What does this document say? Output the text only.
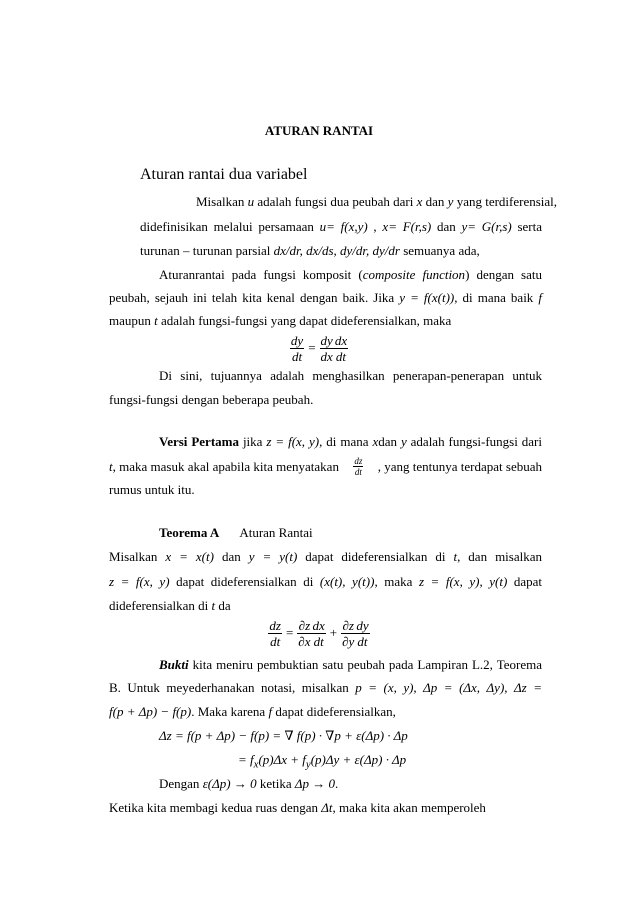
ATURAN RANTAI
Aturan rantai dua variabel
Misalkan u adalah fungsi dua peubah dari x dan y yang terdiferensial,
didefinisikan melalui persamaan u= f(x,y) , x= F(r,s) dan y= G(r,s) serta
turunan – turunan parsial dx/dr, dx/ds, dy/dr, dy/dr semuanya ada,
Aturanrantai pada fungsi komposit (composite function) dengan satu
peubah, sejauh ini telah kita kenal dengan baik. Jika y = f(x(t)), di mana baik f
maupun t adalah fungsi-fungsi yang dapat dideferensialkan, maka
$\frac{dy}{dt} = \frac{dy}{dx} \frac{dx}{dt}$
Di sini, tujuannya adalah menghasilkan penerapan-penerapan untuk
fungsi-fungsi dengan beberapa peubah.
Versi Pertama jika z = f(x, y), di mana xdan y adalah fungsi-fungsi dari
t, maka masuk akal apabila kita menyatakan $\frac{dz}{dt}$ , yang tentunya terdapat sebuah
rumus untuk itu.
Teorema A Aturan Rantai
Misalkan x = x(t) dan y = y(t) dapat dideferensialkan di t, dan misalkan
z = f(x, y) dapat dideferensialkan di (x(t), y(t)), maka z = f(x, y), y(t) dapat
dideferensialkan di t da
$\frac{dz}{dt} = \frac{\partial z}{\partial x} \frac{dx}{dt} + \frac{\partial z}{\partial y} \frac{dy}{dt}$
Bukti kita meniru pembuktian satu peubah pada Lampiran L.2, Teorema
B. Untuk meyederhanakan notasi, misalkan p = (x, y), Δp = (Δx, Δy), Δz =
f(p + Δp) − f(p). Maka karena f dapat dideferensialkan,
Δz = f(p + Δp) − f(p) = ∇ f(p) · ∇p + ε(Δp) · Δp
= $f_x(p)\Delta x + f_y(p)\Delta y + \varepsilon(\Delta p) \cdot \Delta p$
Dengan ε(Δp) → 0 ketika Δp → 0.
Ketika kita membagi kedua ruas dengan Δt, maka kita akan memperoleh
